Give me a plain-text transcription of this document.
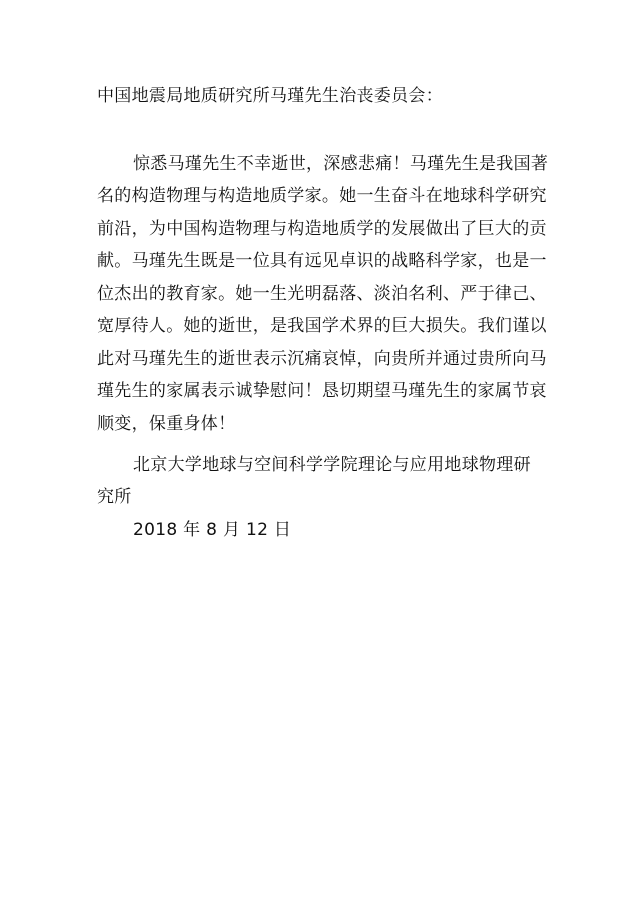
中国地震局地质研究所马瑾先生治丧委员会：
惊悉马瑾先生不幸逝世，深感悲痛！马瑾先生是我国著
名的构造物理与构造地质学家。她一生奋斗在地球科学研究
前沿，为中国构造物理与构造地质学的发展做出了巨大的贡
献。马瑾先生既是一位具有远见卓识的战略科学家，也是一
位杰出的教育家。她一生光明磊落、淡泊名利、严于律己、
宽厚待人。她的逝世，是我国学术界的巨大损失。我们谨以
此对马瑾先生的逝世表示沉痛哀悼，向贵所并通过贵所向马
瑾先生的家属表示诚挚慰问！恳切期望马瑾先生的家属节哀
顺变，保重身体！
北京大学地球与空间科学学院理论与应用地球物理研
究所
2018 年 8 月 12 日
